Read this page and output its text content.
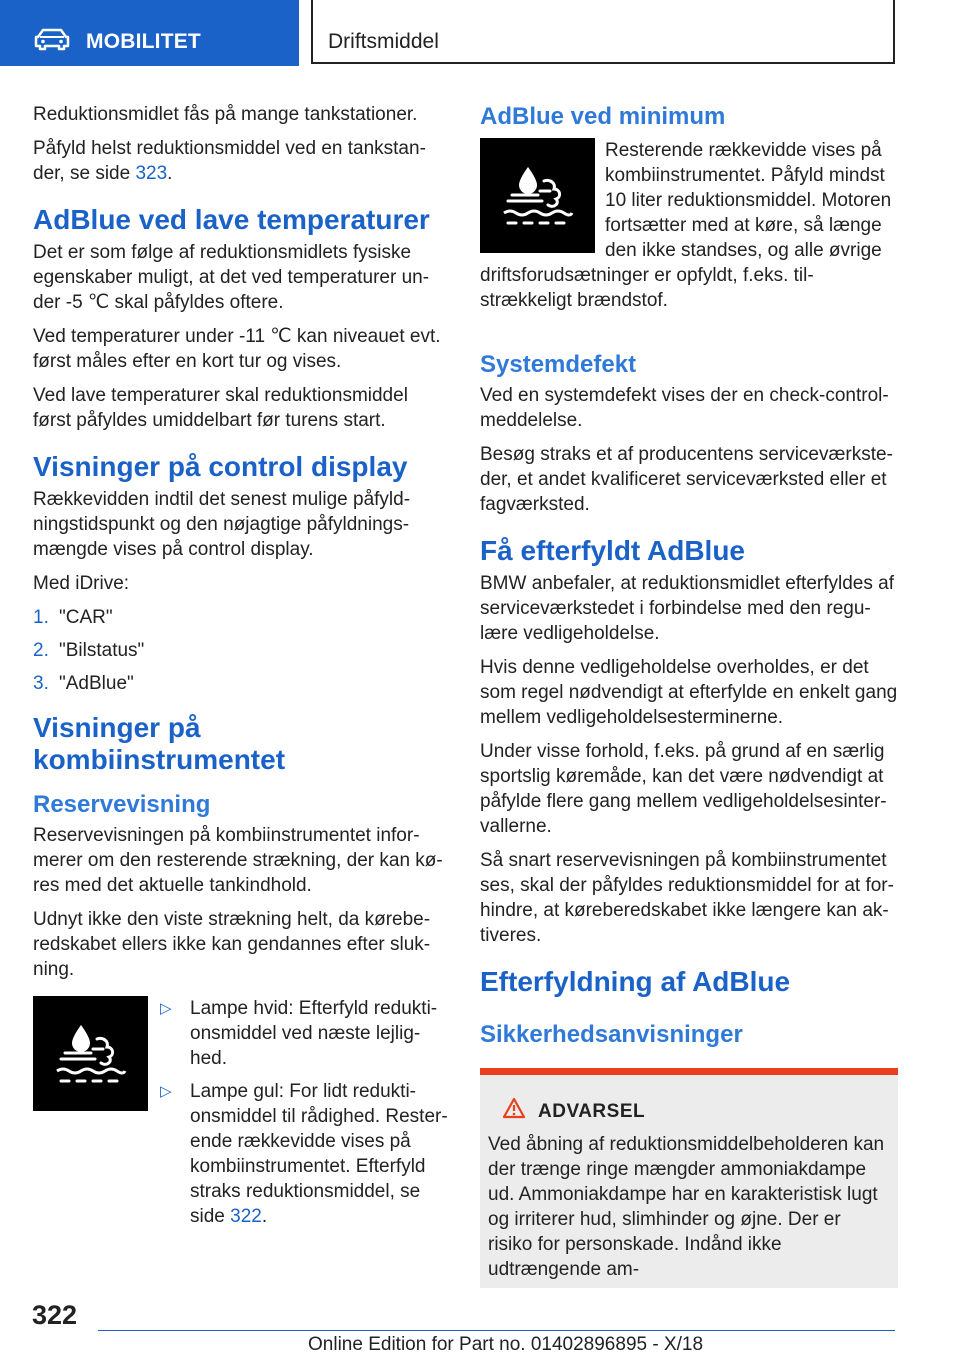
MOBILITET	Driftsmiddel

Reduktionsmidlet fås på mange tankstationer.

Påfyld helst reduktionsmiddel ved en tankstander, se side 323.

AdBlue ved lave temperaturer

Det er som følge af reduktionsmidlets fysiske egenskaber muligt, at det ved temperaturer under -5 ℃ skal påfyldes oftere.

Ved temperaturer under -11 ℃ kan niveauet evt. først måles efter en kort tur og vises.

Ved lave temperaturer skal reduktionsmiddel først påfyldes umiddelbart før turens start.

Visninger på control display

Rækkevidden indtil det senest mulige påfyldningstidspunkt og den nøjagtige påfyldningsmængde vises på control display.

Med iDrive:

1. "CAR"
2. "Bilstatus"
3. "AdBlue"
Visninger på kombiinstrumentet
Reservevisning

Reservevisningen på kombiinstrumentet informerer om den resterende strækning, der kan køres med det aktuelle tankindhold.

Udnyt ikke den viste strækning helt, da køreberedskabet ellers ikke kan gendannes efter slukning.

▷ Lampe hvid: Efterfyld reduktionsmiddel ved næste lejlighed.
▷ Lampe gul: For lidt reduktionsmiddel til rådighed. Resterende rækkevidde vises på kombiinstrumentet. Efterfyld straks reduktionsmiddel, se side 322.
AdBlue ved minimum

Resterende rækkevidde vises på kombiinstrumentet. Påfyld mindst 10 liter reduktionsmiddel. Motoren fortsætter med at køre, så længe den ikke standses, og alle øvrige driftsforudsætninger er opfyldt, f.eks. tilstrækkeligt brændstof.

Systemdefekt

Ved en systemdefekt vises der en check-control-meddelelse.

Besøg straks et af producentens serviceværksteder, et andet kvalificeret serviceværksted eller et fagværksted.

Få efterfyldt AdBlue

BMW anbefaler, at reduktionsmidlet efterfyldes af serviceværkstedet i forbindelse med den regulære vedligeholdelse.

Hvis denne vedligeholdelse overholdes, er det som regel nødvendigt at efterfylde en enkelt gang mellem vedligeholdelsesterminerne.

Under visse forhold, f.eks. på grund af en særlig sportslig køremåde, kan det være nødvendigt at påfylde flere gang mellem vedligeholdelsesintervallerne.

Så snart reservevisningen på kombiinstrumentet ses, skal der påfyldes reduktionsmiddel for at forhindre, at køreberedskabet ikke længere kan aktiveres.

Efterfyldning af AdBlue
Sikkerhedsanvisninger
ADVARSEL

Ved åbning af reduktionsmiddelbeholderen kan der trænge ringe mængder ammoniakdampe ud. Ammoniakdampe har en karakteristisk lugt og irriterer hud, slimhinder og øjne. Der er risiko for personskade. Indånd ikke udtrængende am-

322
Online Edition for Part no. 01402896895 - X/18
